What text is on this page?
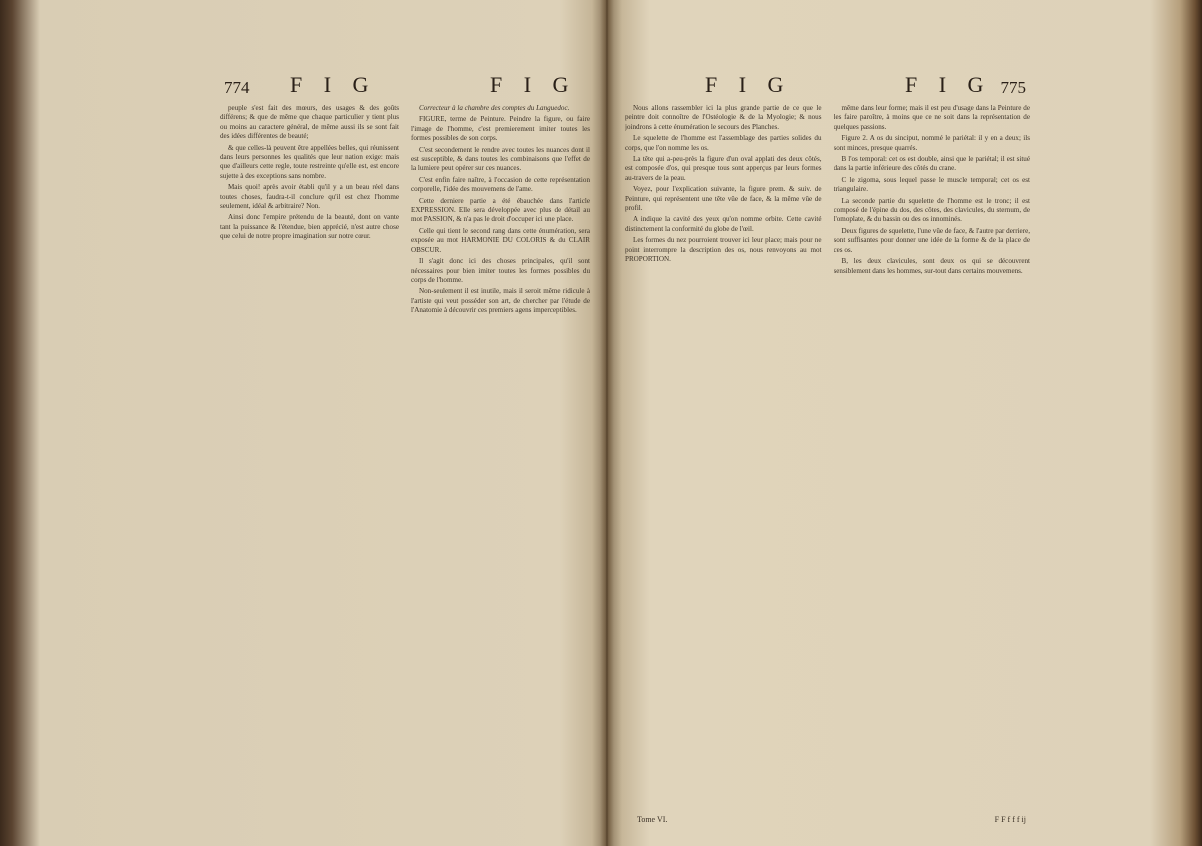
774 F I G	F I G

peuple s'est fait des mœurs, des usages & des goûts différens; & que de même que chaque particulier y tient plus ou moins au caractere général, de même aussi ils se sont fait des idées différentes de beauté;

& que celles-là peuvent être appellées belles, qui réunissent dans leurs personnes les qualités que leur nation exige: mais que d'ailleurs cette regle, toute restreinte qu'elle est, est encore sujette à des exceptions sans nombre.

Mais quoi! après avoir établi qu'il y a un beau réel dans toutes choses, faudra-t-il conclure qu'il est chez l'homme seulement, idéal & arbitraire? Non.

Ainsi donc l'empire prétendu de la beauté, dont on vante tant la puissance & l'étendue, bien apprécié, n'est autre chose que celui de notre propre imagination sur notre cœur.

Correcteur à la chambre des comptes du Languedoc.

FIGURE, terme de Peinture. Peindre la figure, ou faire l'image de l'homme, c'est premierement imiter toutes les formes possibles de son corps.

C'est secondement le rendre avec toutes les nuances dont il est susceptible, & dans toutes les combinaisons que l'effet de la lumiere peut opérer sur ces nuances.

C'est enfin faire naître, à l'occasion de cette représentation corporelle, l'idée des mouvemens de l'ame.

Cette derniere partie a été ébauchée dans l'article EXPRESSION. Elle sera développée avec plus de détail au mot PASSION, & n'a pas le droit d'occuper ici une place.

Celle qui tient le second rang dans cette énumération, sera exposée au mot HARMONIE DU COLORIS & du CLAIR OBSCUR.

Il s'agit donc ici des choses principales, qu'il sont nécessaires pour bien imiter toutes les formes possibles du corps de l'homme.

Non-seulement il est inutile, mais il seroit même ridicule à l'artiste qui veut posséder son art, de chercher par l'étude de l'Anatomie à découvrir ces premiers agens imperceptibles.

F I G	F I G 775

Nous allons rassembler ici la plus grande partie de ce que le peintre doit connoître de l'Ostéologie & de la Myologie; & nous joindrons à cette énumération le secours des Planches.

Le squelette de l'homme est l'assemblage des parties solides du corps, que l'on nomme les os.

La tête qui a-peu-près la figure d'un oval applati des deux côtés, est composée d'os, qui presque tous sont apperçus par leurs formes au-travers de la peau.

Voyez, pour l'explication suivante, la figure prem. & suiv. de Peinture, qui représentent une tête vûe de face, & la même vûe de profil.

A indique la cavité des yeux qu'on nomme orbite. Cette cavité distinctement la conformité du globe de l'œil.

Les formes du nez pourroient trouver ici leur place; mais pour ne point interrompre la description des os, nous renvoyons au mot PROPORTION.

même dans leur forme; mais il est peu d'usage dans la Peinture de les faire paroître, à moins que ce ne soit dans la représentation de quelques passions.

Figure 2. A os du sinciput, nommé le pariétal: il y en a deux; ils sont minces, presque quarrés.

B l'os temporal: cet os est double, ainsi que le pariétal; il est situé dans la partie inférieure des côtés du crane.

C le zigoma, sous lequel passe le muscle temporal; cet os est triangulaire.

La seconde partie du squelette de l'homme est le tronc; il est composé de l'épine du dos, des côtes, des clavicules, du sternum, de l'omoplate, & du bassin ou des os innominés.

Deux figures de squelette, l'une vûe de face, & l'autre par derriere, sont suffisantes pour donner une idée de la forme & de la place de ces os.

B, les deux clavicules, sont deux os qui se découvrent sensiblement dans les hommes, sur-tout dans certains mouvemens.

Tome VI.	F F f f f ij
